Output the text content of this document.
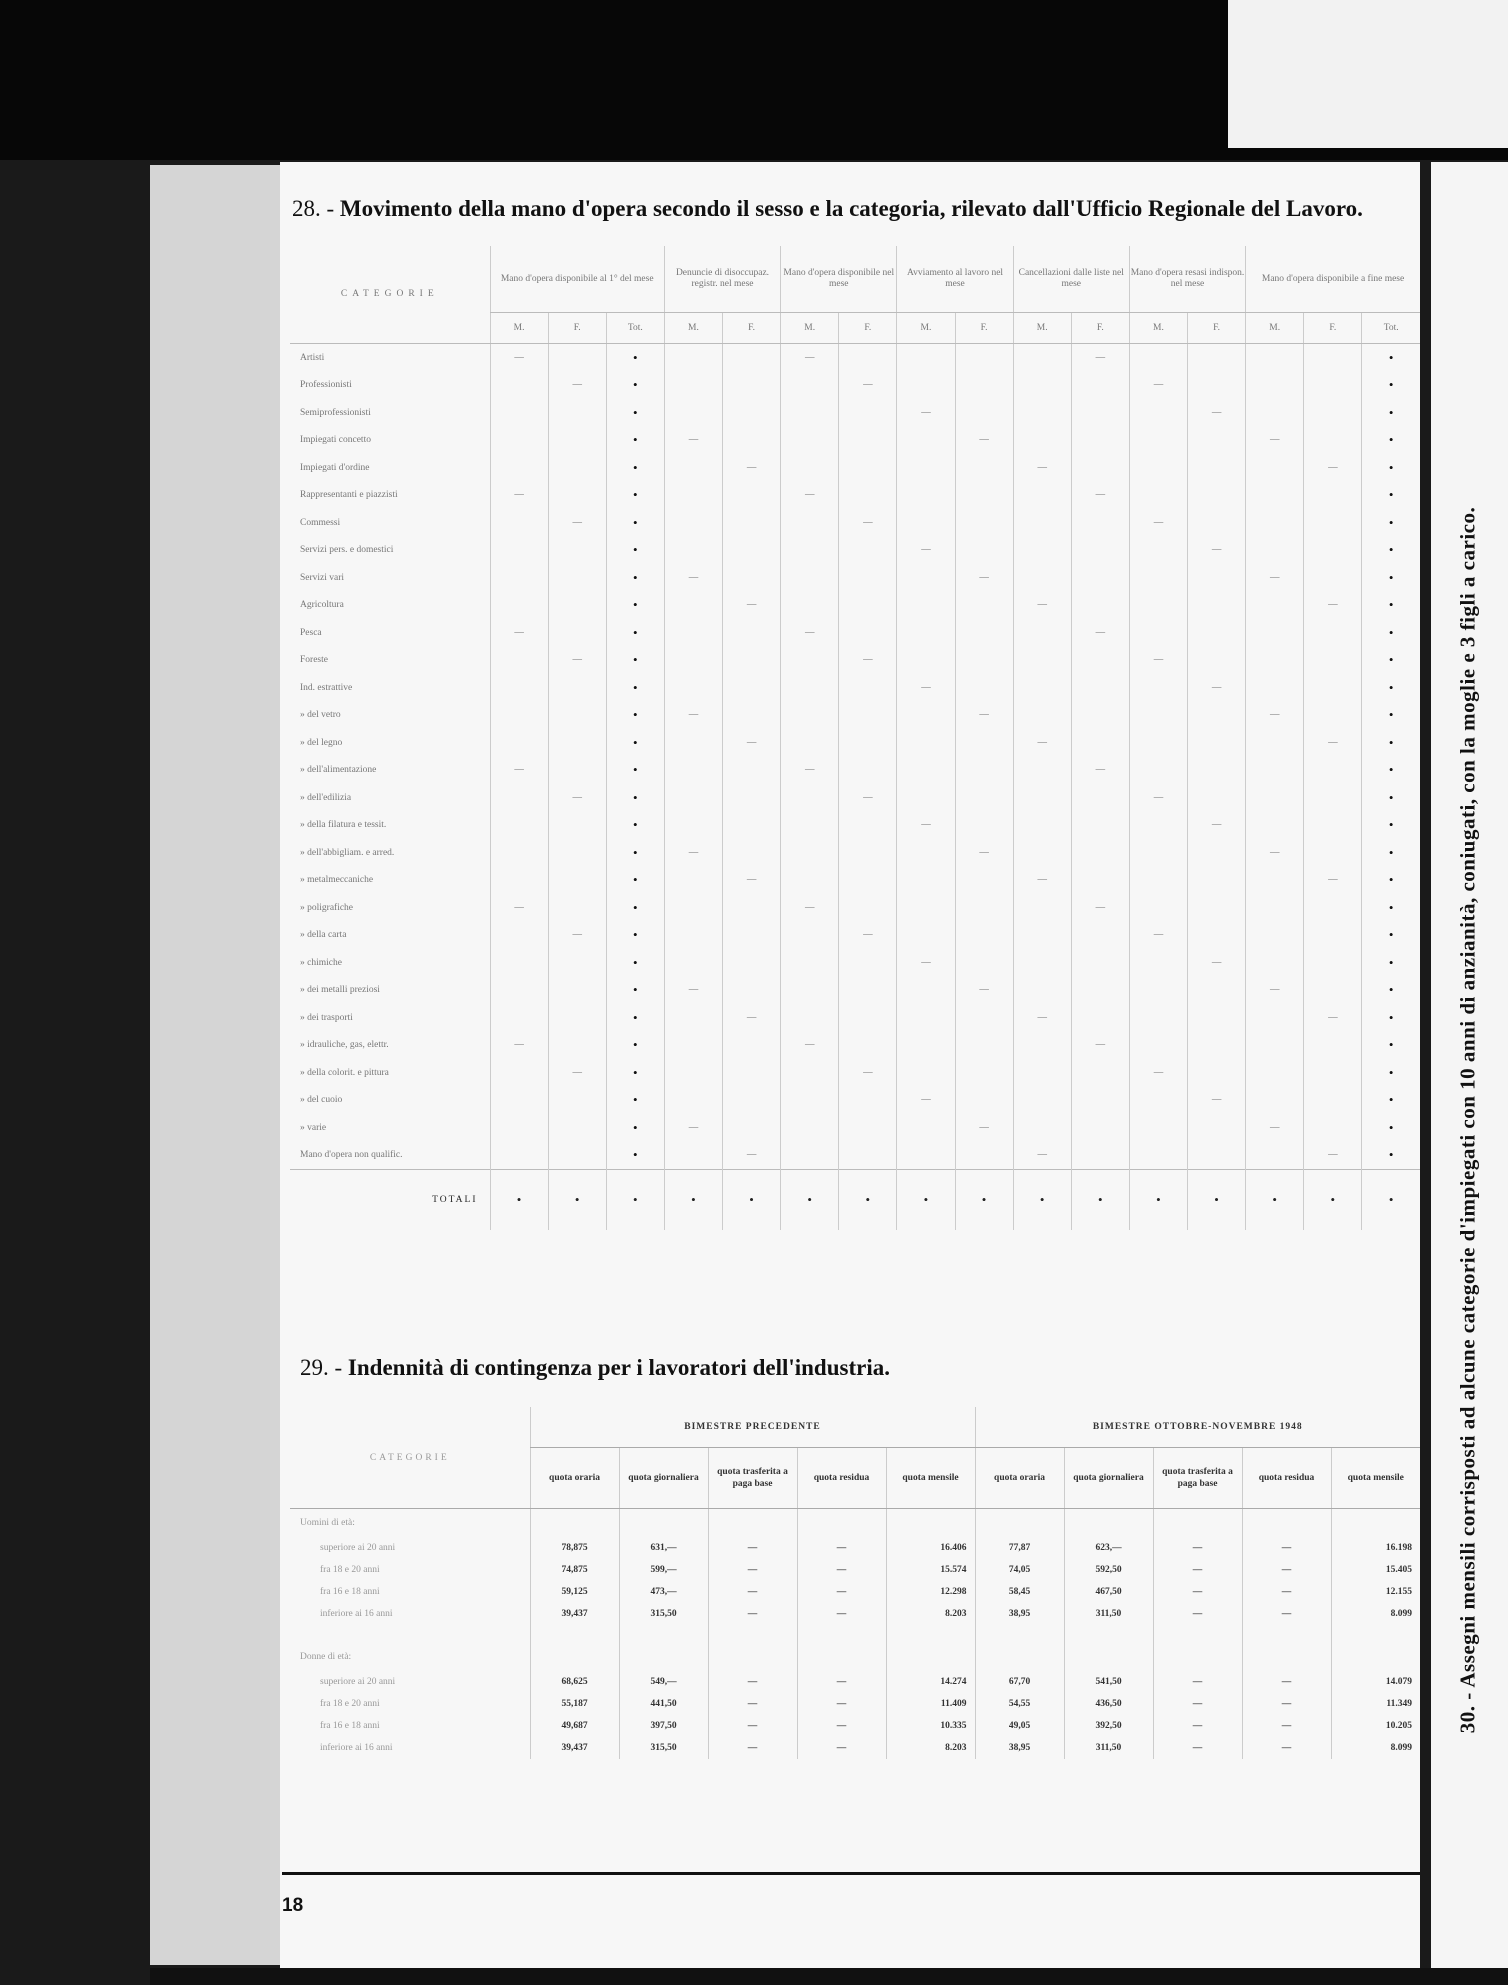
30. - Assegni mensili corrisposti ad alcune categorie d'impiegati con 10 anni di anzianità, coniugati, con la moglie e 3 figli a carico.
28. - Movimento della mano d'opera secondo il sesso e la categoria, rilevato dall'Ufficio Regionale del Lavoro.
CATEGORIE	Mano d'opera disponibile al 1° del mese			Denuncie di disoccupaz. registr. nel mese		Mano d'opera disponibile nel mese		Avviamento al lavoro nel mese		Cancellazioni dalle liste nel mese		Mano d'opera resasi indispon. nel mese		Mano d'opera disponibile a fine mese		
	M.	F.	Tot.	M.	F.	M.	F.	M.	F.	M.	F.	M.	F.	M.	F.	Tot.
Artisti	—		•			—					—					•
Professionisti		—	•				—					—				•
Semiprofessionisti			•					—					—			•
Impiegati concetto			•	—					—					—		•
Impiegati d'ordine			•		—					—					—	•
Rappresentanti e piazzisti	—		•			—					—					•
Commessi		—	•				—					—				•
Servizi pers. e domestici			•					—					—			•
Servizi vari			•	—					—					—		•
Agricoltura			•		—					—					—	•
Pesca	—		•			—					—					•
Foreste		—	•				—					—				•
Ind. estrattive			•					—					—			•
» del vetro			•	—					—					—		•
» del legno			•		—					—					—	•
» dell'alimentazione	—		•			—					—					•
» dell'edilizia		—	•				—					—				•
» della filatura e tessit.			•					—					—			•
» dell'abbigliam. e arred.			•	—					—					—		•
» metalmeccaniche			•		—					—					—	•
» poligrafiche	—		•			—					—					•
» della carta		—	•				—					—				•
» chimiche			•					—					—			•
» dei metalli preziosi			•	—					—					—		•
» dei trasporti			•		—					—					—	•
» idrauliche, gas, elettr.	—		•			—					—					•
» della colorit. e pittura		—	•				—					—				•
» del cuoio			•					—					—			•
» varie			•	—					—					—		•
Mano d'opera non qualific.			•		—					—					—	•
TOTALI	•	•	•	•	•	•	•	•	•	•	•	•	•	•	•	•
29. - Indennità di contingenza per i lavoratori dell'industria.
CATEGORIE	BIMESTRE PRECEDENTE					BIMESTRE OTTOBRE-NOVEMBRE 1948				
	quota oraria	quota giornaliera	quota trasferita a paga base	quota residua	quota mensile	quota oraria	quota giornaliera	quota trasferita a paga base	quota residua	quota mensile
Uomini di età:										
superiore ai 20 anni	78,875	631,—	—	—	16.406	77,87	623,—	—	—	16.198
fra 18 e 20 anni	74,875	599,—	—	—	15.574	74,05	592,50	—	—	15.405
fra 16 e 18 anni	59,125	473,—	—	—	12.298	58,45	467,50	—	—	12.155
inferiore ai 16 anni	39,437	315,50	—	—	8.203	38,95	311,50	—	—	8.099

Donne di età:										
superiore ai 20 anni	68,625	549,—	—	—	14.274	67,70	541,50	—	—	14.079
fra 18 e 20 anni	55,187	441,50	—	—	11.409	54,55	436,50	—	—	11.349
fra 16 e 18 anni	49,687	397,50	—	—	10.335	49,05	392,50	—	—	10.205
inferiore ai 16 anni	39,437	315,50	—	—	8.203	38,95	311,50	—	—	8.099
18
